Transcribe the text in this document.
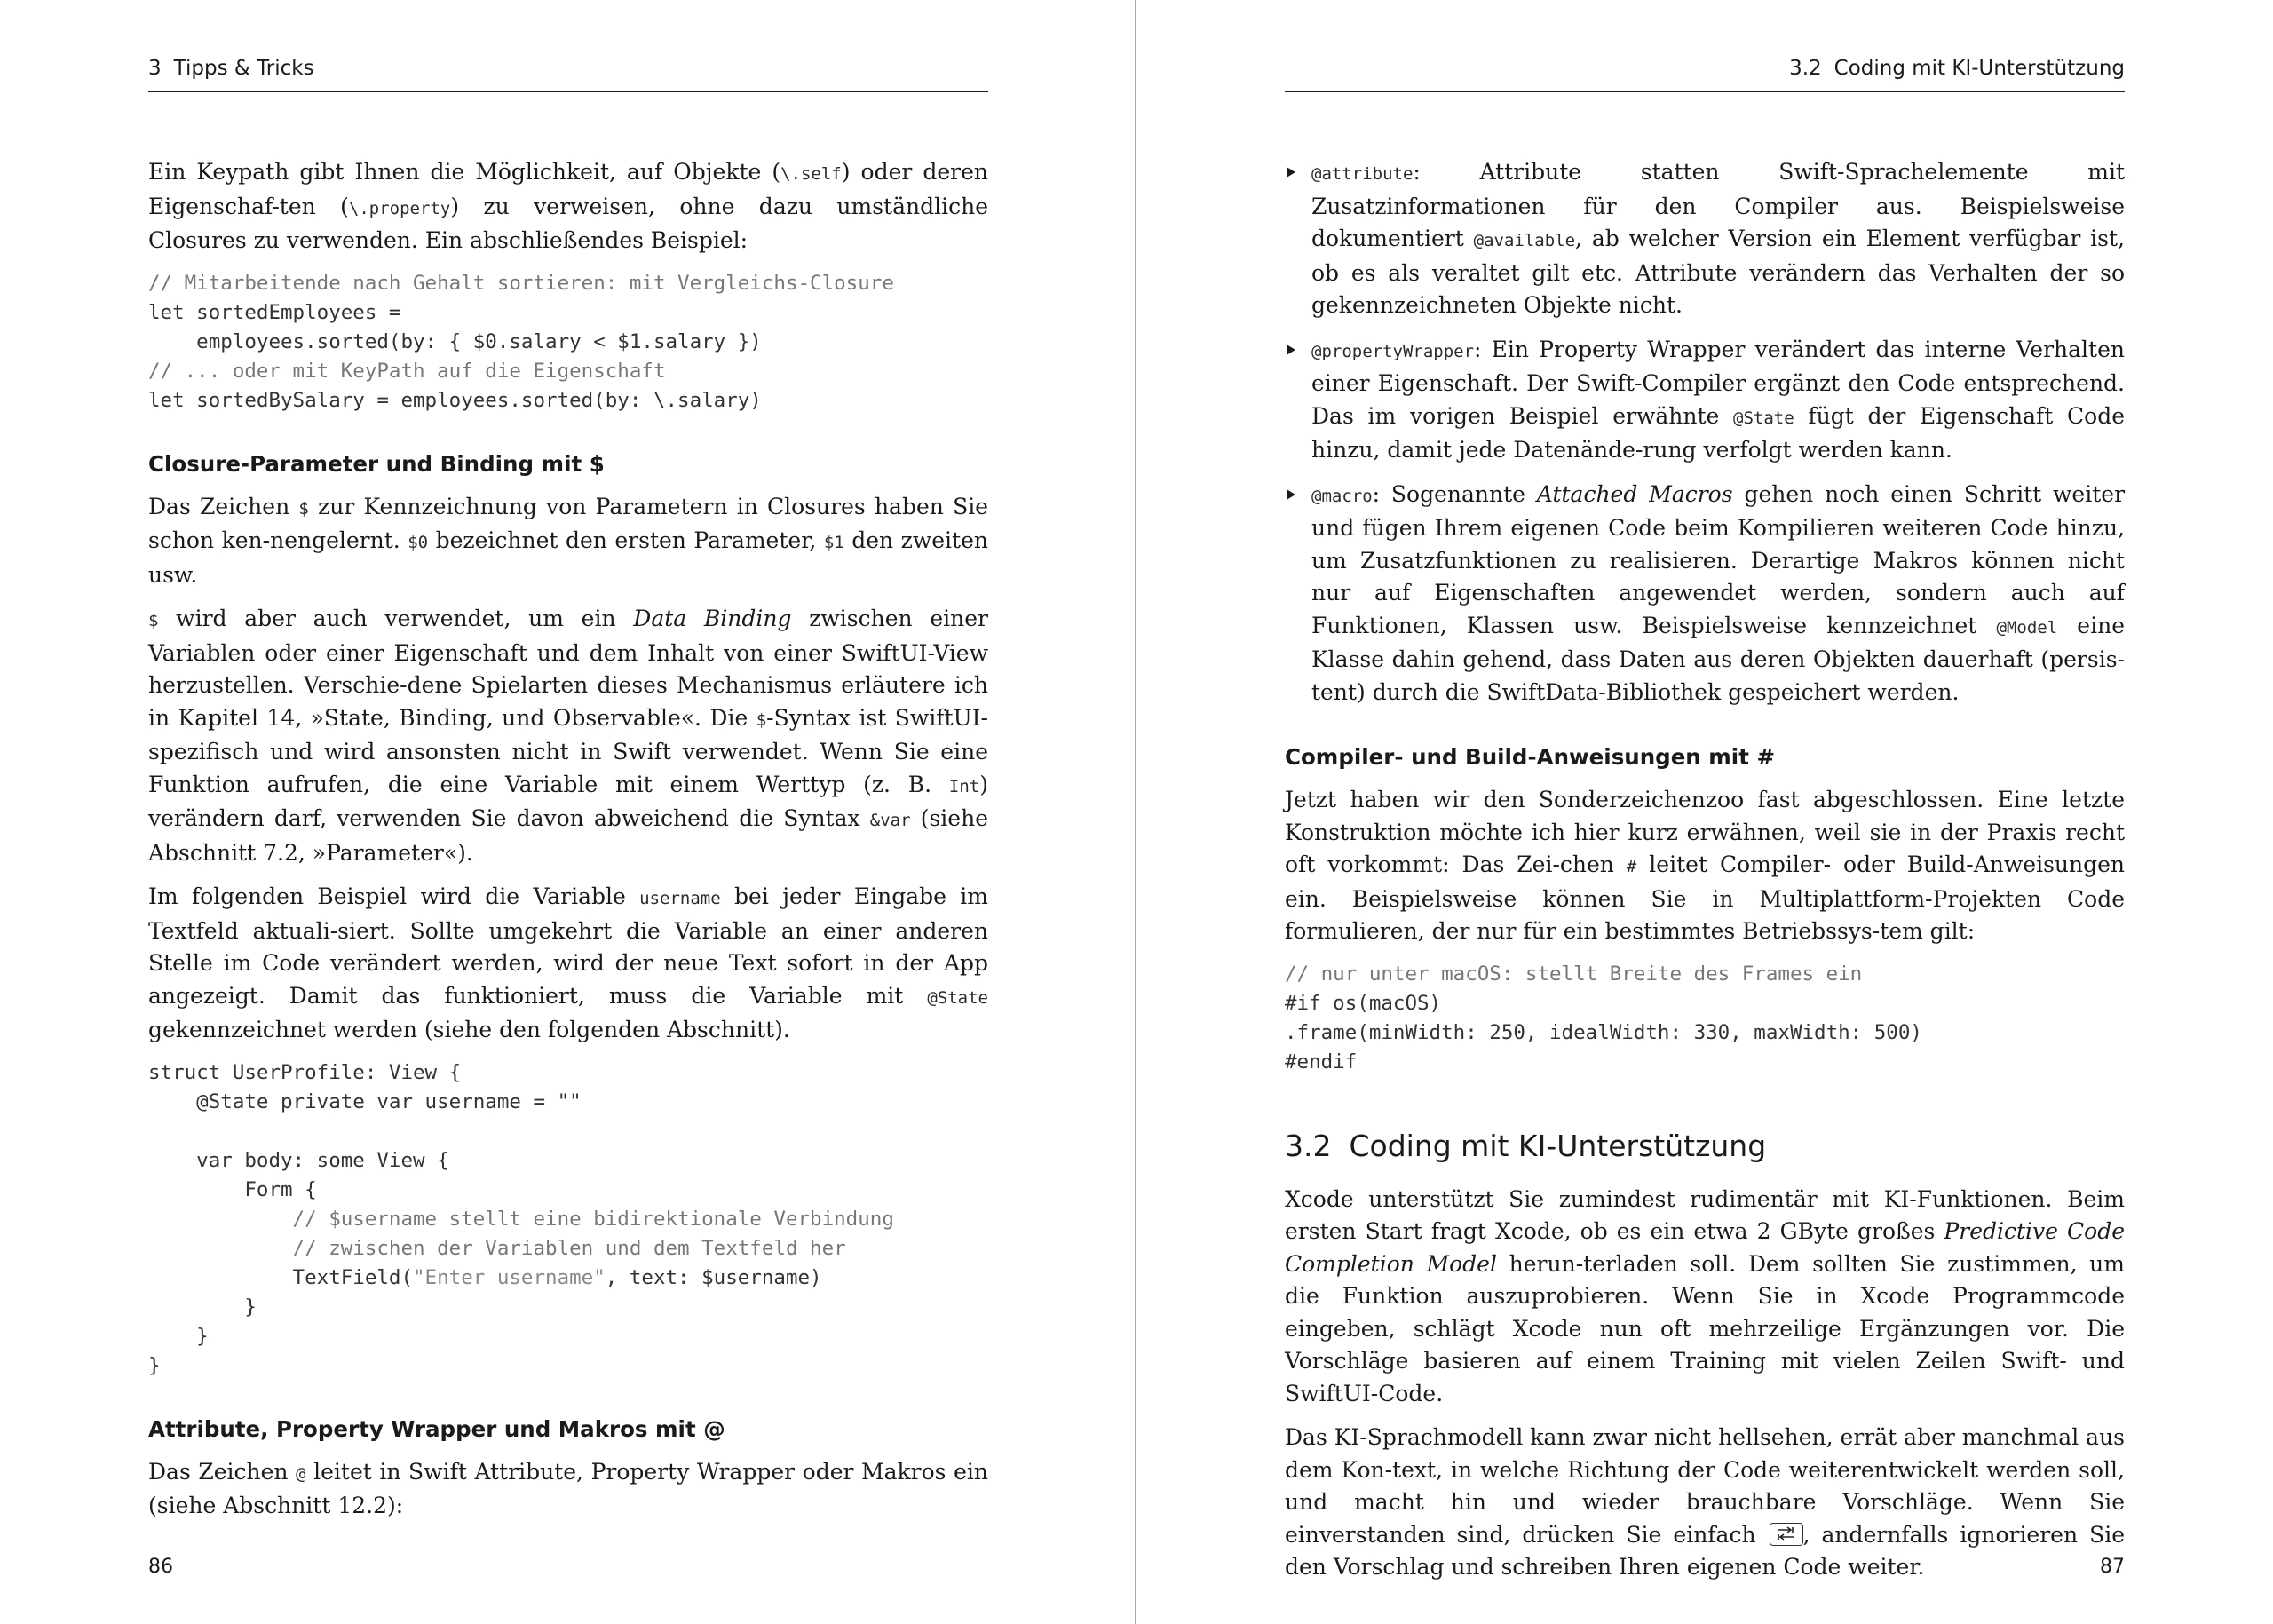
3 Tipps & Tricks

Ein Keypath gibt Ihnen die Möglichkeit, auf Objekte (\.self) oder deren Eigenschaf-ten (\.property) zu verweisen, ohne dazu umständliche Closures zu verwenden. Ein abschließendes Beispiel:

// Mitarbeitende nach Gehalt sortieren: mit Vergleichs-Closure
let sortedEmployees =
employees.sorted(by: { $0.salary < $1.salary })
// ... oder mit KeyPath auf die Eigenschaft
let sortedBySalary = employees.sorted(by: \.salary)
Closure-Parameter und Binding mit $

Das Zeichen $ zur Kennzeichnung von Parametern in Closures haben Sie schon ken-nengelernt. $0 bezeichnet den ersten Parameter, $1 den zweiten usw.

$ wird aber auch verwendet, um ein Data Binding zwischen einer Variablen oder einer Eigenschaft und dem Inhalt von einer SwiftUI-View herzustellen. Verschie-dene Spielarten dieses Mechanismus erläutere ich in Kapitel 14, »State, Binding, und Observable«. Die $-Syntax ist SwiftUI-spezifisch und wird ansonsten nicht in Swift verwendet. Wenn Sie eine Funktion aufrufen, die eine Variable mit einem Werttyp (z. B. Int) verändern darf, verwenden Sie davon abweichend die Syntax &var (siehe Abschnitt 7.2, »Parameter«).

Im folgenden Beispiel wird die Variable username bei jeder Eingabe im Textfeld aktuali-siert. Sollte umgekehrt die Variable an einer anderen Stelle im Code verändert werden, wird der neue Text sofort in der App angezeigt. Damit das funktioniert, muss die Variable mit @State gekennzeichnet werden (siehe den folgenden Abschnitt).

struct UserProfile: View {
@State private var username = ""

var body: some View {
Form {
// $username stellt eine bidirektionale Verbindung
// zwischen der Variablen und dem Textfeld her
TextField("Enter username", text: $username)
}
}
}
Attribute, Property Wrapper und Makros mit @

Das Zeichen @ leitet in Swift Attribute, Property Wrapper oder Makros ein (siehe Abschnitt 12.2):

86
3.2 Coding mit KI-Unterstützung

@attribute: Attribute statten Swift-Sprachelemente mit Zusatzinformationen für den Compiler aus. Beispielsweise dokumentiert @available, ab welcher Version ein Element verfügbar ist, ob es als veraltet gilt etc. Attribute verändern das Verhalten der so gekennzeichneten Objekte nicht.

@propertyWrapper: Ein Property Wrapper verändert das interne Verhalten einer Eigenschaft. Der Swift-Compiler ergänzt den Code entsprechend. Das im vorigen Beispiel erwähnte @State fügt der Eigenschaft Code hinzu, damit jede Datenände-rung verfolgt werden kann.

@macro: Sogenannte Attached Macros gehen noch einen Schritt weiter und fügen Ihrem eigenen Code beim Kompilieren weiteren Code hinzu, um Zusatzfunktionen zu realisieren. Derartige Makros können nicht nur auf Eigenschaften angewendet werden, sondern auch auf Funktionen, Klassen usw. Beispielsweise kennzeichnet @Model eine Klasse dahin gehend, dass Daten aus deren Objekten dauerhaft (persis-tent) durch die SwiftData-Bibliothek gespeichert werden.

Compiler- und Build-Anweisungen mit #

Jetzt haben wir den Sonderzeichenzoo fast abgeschlossen. Eine letzte Konstruktion möchte ich hier kurz erwähnen, weil sie in der Praxis recht oft vorkommt: Das Zei-chen # leitet Compiler- oder Build-Anweisungen ein. Beispielsweise können Sie in Multiplattform-Projekten Code formulieren, der nur für ein bestimmtes Betriebssys-tem gilt:

// nur unter macOS: stellt Breite des Frames ein
#if os(macOS)
.frame(minWidth: 250, idealWidth: 330, maxWidth: 500)
#endif
3.2 Coding mit KI-Unterstützung

Xcode unterstützt Sie zumindest rudimentär mit KI-Funktionen. Beim ersten Start fragt Xcode, ob es ein etwa 2 GByte großes Predictive Code Completion Model herun-terladen soll. Dem sollten Sie zustimmen, um die Funktion auszuprobieren. Wenn Sie in Xcode Programmcode eingeben, schlägt Xcode nun oft mehrzeilige Ergänzungen vor. Die Vorschläge basieren auf einem Training mit vielen Zeilen Swift- und SwiftUI-Code.

Das KI-Sprachmodell kann zwar nicht hellsehen, errät aber manchmal aus dem Kon-text, in welche Richtung der Code weiterentwickelt werden soll, und macht hin und wieder brauchbare Vorschläge. Wenn Sie einverstanden sind, drücken Sie einfach
, andernfalls ignorieren Sie den Vorschlag und schreiben Ihren eigenen Code weiter.	87
